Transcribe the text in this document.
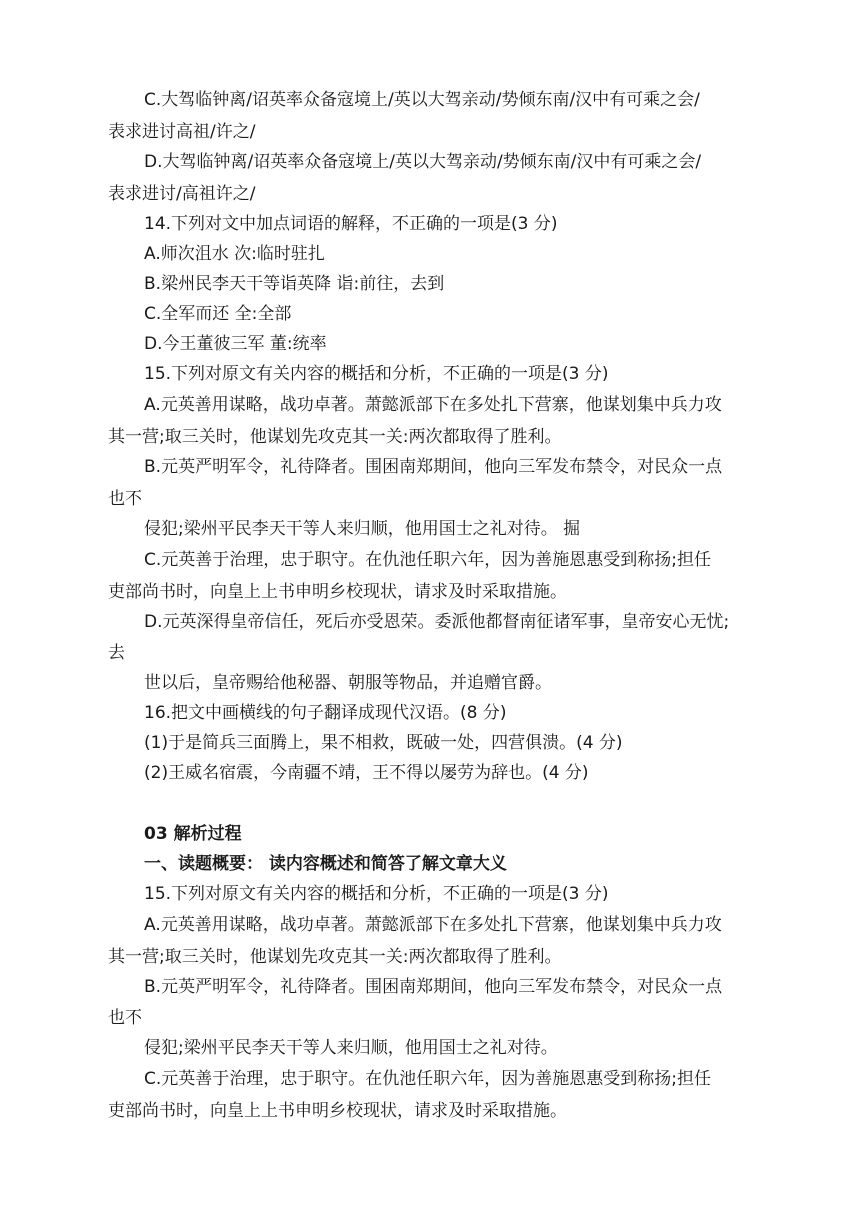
C.大驾临钟离/诏英率众备寇境上/英以大驾亲动/势倾东南/汉中有可乘之会/
表求进讨高祖/许之/
D.大驾临钟离/诏英率众备寇境上/英以大驾亲动/势倾东南/汉中有可乘之会/
表求进讨/高祖许之/
14.下列对文中加点词语的解释，不正确的一项是(3 分)
A.师次沮水 次:临时驻扎
B.梁州民李天干等诣英降 诣:前往，去到
C.全军而还 全:全部
D.今王董彼三军 董:统率
15.下列对原文有关内容的概括和分析，不正确的一项是(3 分)
A.元英善用谋略，战功卓著。萧懿派部下在多处扎下营寨，他谋划集中兵力攻
其一营;取三关时，他谋划先攻克其一关:两次都取得了胜利。
B.元英严明军令，礼待降者。围困南郑期间，他向三军发布禁令，对民众一点
也不
侵犯;梁州平民李天干等人来归顺，他用国士之礼对待。 掘
C.元英善于治理，忠于职守。在仇池任职六年，因为善施恩惠受到称扬;担任
吏部尚书时，向皇上上书申明乡校现状，请求及时采取措施。
D.元英深得皇帝信任，死后亦受恩荣。委派他都督南征诸军事，皇帝安心无忧;
去
世以后，皇帝赐给他秘器、朝服等物品，并追赠官爵。
16.把文中画横线的句子翻译成现代汉语。(8 分)
(1)于是简兵三面腾上，果不相救，既破一处，四营俱溃。(4 分)
(2)王威名宿震，今南疆不靖，王不得以屡劳为辞也。(4 分)
03 解析过程
一、读题概要： 读内容概述和简答了解文章大义
15.下列对原文有关内容的概括和分析，不正确的一项是(3 分)
A.元英善用谋略，战功卓著。萧懿派部下在多处扎下营寨，他谋划集中兵力攻
其一营;取三关时，他谋划先攻克其一关:两次都取得了胜利。
B.元英严明军令，礼待降者。围困南郑期间，他向三军发布禁令，对民众一点
也不
侵犯;梁州平民李天干等人来归顺，他用国士之礼对待。
C.元英善于治理，忠于职守。在仇池任职六年，因为善施恩惠受到称扬;担任
吏部尚书时，向皇上上书申明乡校现状，请求及时采取措施。
